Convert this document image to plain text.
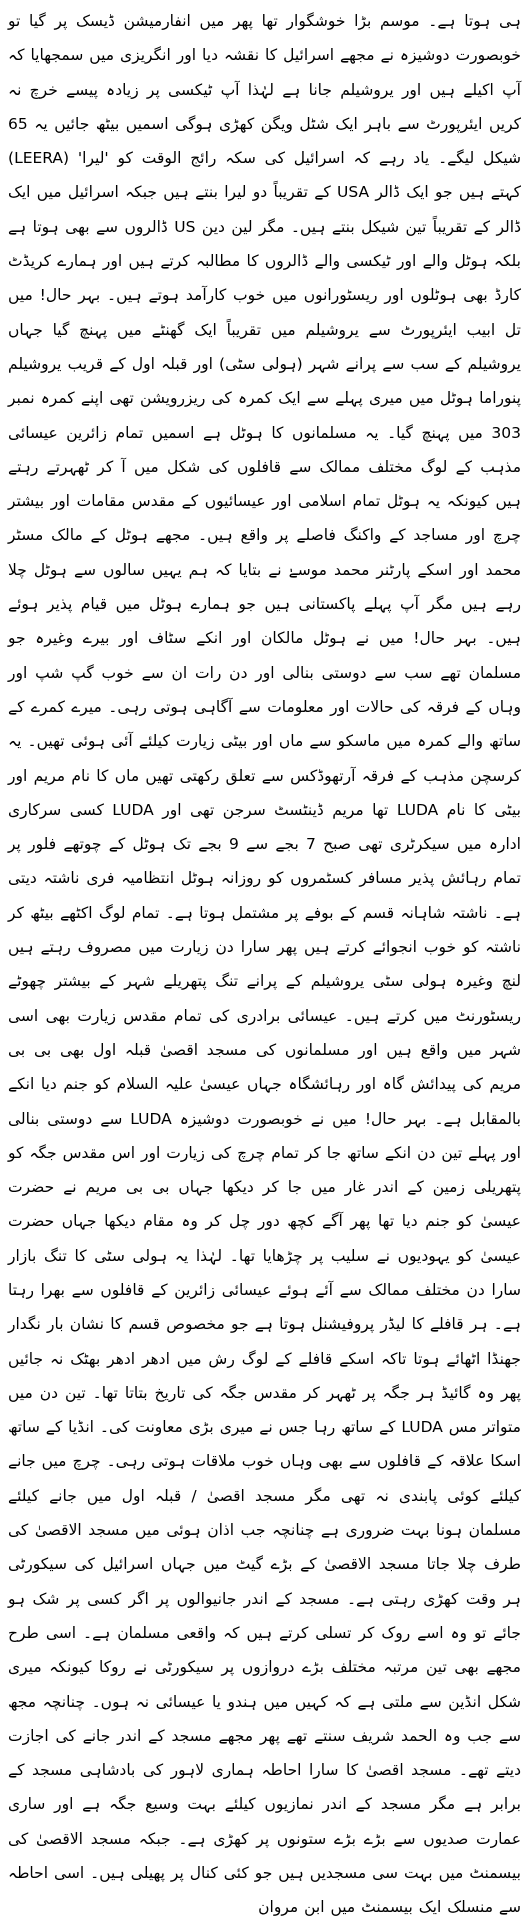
ہی ہوتا ہے۔ موسم بڑا خوشگوار تھا پھر میں انفارمیشن ڈیسک پر گیا تو خوبصورت دوشیزہ نے مجھے اسرائیل کا نقشہ دیا اور انگریزی میں سمجھایا کہ آپ اکیلے ہیں اور یروشیلم جانا ہے لہٰذا آپ ٹیکسی پر زیادہ پیسے خرچ نہ کریں ایئرپورٹ سے باہر ایک شٹل ویگن کھڑی ہوگی اسمیں بیٹھ جائیں یہ 65 شیکل لیگے۔ یاد رہے کہ اسرائیل کی سکہ رائج الوقت کو 'لیرا' (LEERA) کہتے ہیں جو ایک ڈالر USA کے تقریباً دو لیرا بنتے ہیں جبکہ اسرائیل میں ایک ڈالر کے تقریباً تین شیکل بنتے ہیں۔ مگر لین دین US ڈالروں سے بھی ہوتا ہے بلکہ ہوٹل والے اور ٹیکسی والے ڈالروں کا مطالبہ کرتے ہیں اور ہمارے کریڈٹ کارڈ بھی ہوٹلوں اور ریسٹورانوں میں خوب کارآمد ہوتے ہیں۔ بہر حال! میں تل ابیب ایئرپورٹ سے یروشیلم میں تقریباً ایک گھنٹے میں پہنچ گیا جہاں یروشیلم کے سب سے پرانے شہر (ہولی سٹی) اور قبلہ اول کے قریب یروشیلم پنوراما ہوٹل میں میری پہلے سے ایک کمرہ کی ریزرویشن تھی اپنے کمرہ نمبر 303 میں پہنچ گیا۔ یہ مسلمانوں کا ہوٹل ہے اسمیں تمام زائرین عیسائی مذہب کے لوگ مختلف ممالک سے قافلوں کی شکل میں آ کر ٹھہرتے رہتے ہیں کیونکہ یہ ہوٹل تمام اسلامی اور عیسائیوں کے مقدس مقامات اور بیشتر چرچ اور مساجد کے واکنگ فاصلے پر واقع ہیں۔ مجھے ہوٹل کے مالک مسٹر محمد اور اسکے پارٹنر محمد موسےٰ نے بتایا کہ ہم یہیں سالوں سے ہوٹل چلا رہے ہیں مگر آپ پہلے پاکستانی ہیں جو ہمارے ہوٹل میں قیام پذیر ہوئے ہیں۔ بہر حال! میں نے ہوٹل مالکان اور انکے سٹاف اور بیرے وغیرہ جو مسلمان تھے سب سے دوستی بنالی اور دن رات ان سے خوب گپ شپ اور وہاں کے فرقہ کی حالات اور معلومات سے آگاہی ہوتی رہی۔ میرے کمرے کے ساتھ والے کمرہ میں ماسکو سے ماں اور بیٹی زیارت کیلئے آئی ہوئی تھیں۔ یہ کرسچن مذہب کے فرقہ آرتھوڈکس سے تعلق رکھتی تھیں ماں کا نام مریم اور بیٹی کا نام LUDA تھا مریم ڈینٹسٹ سرجن تھی اور LUDA کسی سرکاری ادارہ میں سیکرٹری تھی صبح 7 بجے سے 9 بجے تک ہوٹل کے چوتھے فلور پر تمام رہائش پذیر مسافر کسٹمروں کو روزانہ ہوٹل انتظامیہ فری ناشتہ دیتی ہے۔ ناشتہ شاہانہ قسم کے بوفے پر مشتمل ہوتا ہے۔ تمام لوگ اکٹھے بیٹھ کر ناشتہ کو خوب انجوائے کرتے ہیں پھر سارا دن زیارت میں مصروف رہتے ہیں لنچ وغیرہ ہولی سٹی یروشیلم کے پرانے تنگ پتھریلے شہر کے بیشتر چھوٹے ریسٹورنٹ میں کرتے ہیں۔ عیسائی برادری کی تمام مقدس زیارت بھی اسی شہر میں واقع ہیں اور مسلمانوں کی مسجد اقصیٰ قبلہ اول بھی بی بی مریم کی پیدائش گاہ اور رہائشگاہ جہاں عیسیٰ علیہ السلام کو جنم دیا انکے بالمقابل ہے۔ بہر حال! میں نے خوبصورت دوشیزہ LUDA سے دوستی بنالی اور پہلے تین دن انکے ساتھ جا کر تمام چرچ کی زیارت اور اس مقدس جگہ کو پتھریلی زمین کے اندر غار میں جا کر دیکھا جہاں بی بی مریم نے حضرت عیسیٰ کو جنم دیا تھا پھر آگے کچھ دور چل کر وہ مقام دیکھا جہاں حضرت عیسیٰ کو یہودیوں نے سلیب پر چڑھایا تھا۔ لہٰذا یہ ہولی سٹی کا تنگ بازار سارا دن مختلف ممالک سے آئے ہوئے عیسائی زائرین کے قافلوں سے بھرا رہتا ہے۔ ہر قافلے کا لیڈر پروفیشنل ہوتا ہے جو مخصوص قسم کا نشان بار نگدار جھنڈا اٹھائے ہوتا تاکہ اسکے قافلے کے لوگ رش میں ادھر ادھر بھٹک نہ جائیں پھر وہ گائیڈ ہر جگہ پر ٹھہر کر مقدس جگہ کی تاریخ بتاتا تھا۔ تین دن میں متواتر مس LUDA کے ساتھ رہا جس نے میری بڑی معاونت کی۔ انڈیا کے ساتھ اسکا علاقہ کے قافلوں سے بھی وہاں خوب ملاقات ہوتی رہی۔ چرچ میں جانے کیلئے کوئی پابندی نہ تھی مگر مسجد اقصیٰ / قبلہ اول میں جانے کیلئے مسلمان ہونا بہت ضروری ہے چنانچہ جب اذان ہوئی میں مسجد الاقصیٰ کی طرف چلا جاتا مسجد الاقصیٰ کے بڑے گیٹ میں جہاں اسرائیل کی سیکورٹی ہر وقت کھڑی رہتی ہے۔ مسجد کے اندر جانیوالوں پر اگر کسی پر شک ہو جائے تو وہ اسے روک کر تسلی کرتے ہیں کہ واقعی مسلمان ہے۔ اسی طرح مجھے بھی تین مرتبہ مختلف بڑے دروازوں پر سیکورٹی نے روکا کیونکہ میری شکل انڈین سے ملتی ہے کہ کہیں میں ہندو یا عیسائی نہ ہوں۔ چنانچہ مجھ سے جب وہ الحمد شریف سنتے تھے پھر مجھے مسجد کے اندر جانے کی اجازت دیتے تھے۔ مسجد اقصیٰ کا سارا احاطہ ہماری لاہور کی بادشاہی مسجد کے برابر ہے مگر مسجد کے اندر نمازیوں کیلئے بہت وسیع جگہ ہے اور ساری عمارت صدیوں سے بڑے بڑے ستونوں پر کھڑی ہے۔ جبکہ مسجد الاقصیٰ کی بیسمنٹ میں بہت سی مسجدیں ہیں جو کئی کنال پر پھیلی ہیں۔ اسی احاطہ سے منسلک ایک بیسمنٹ میں ابن مروان
